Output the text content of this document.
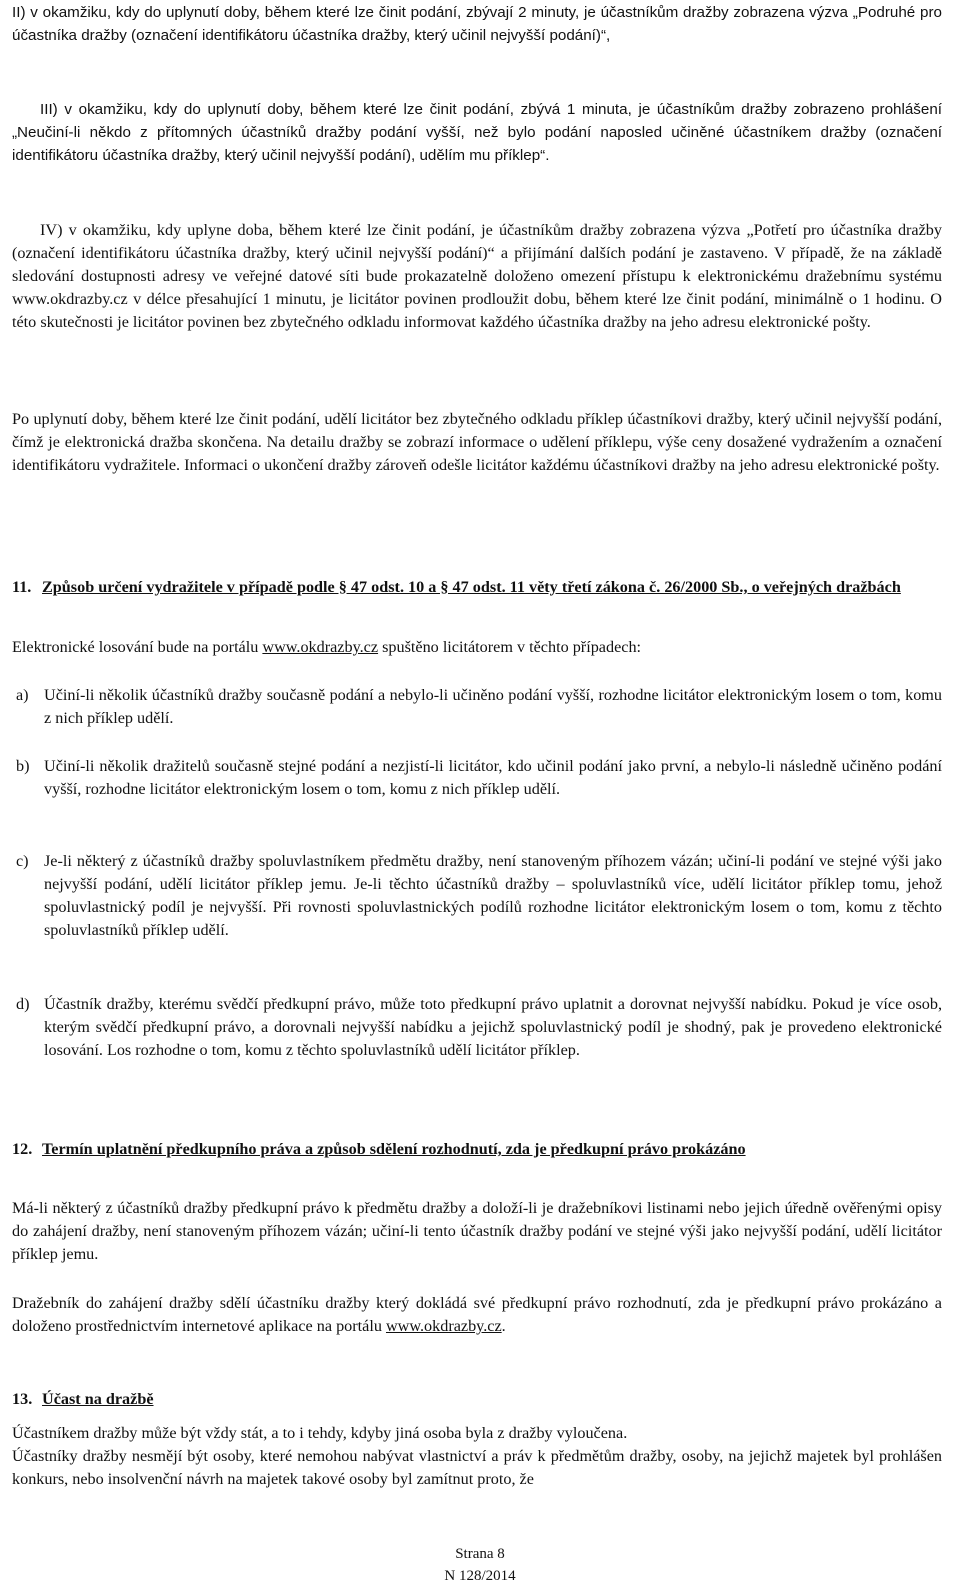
II) v okamžiku, kdy do uplynutí doby, během které lze činit podání, zbývají 2 minuty, je účastníkům dražby zobrazena výzva „Podruhé pro účastníka dražby (označení identifikátoru účastníka dražby, který učinil nejvyšší podání)“,

III) v okamžiku, kdy do uplynutí doby, během které lze činit podání, zbývá 1 minuta, je účastníkům dražby zobrazeno prohlášení „Neučiní-li někdo z přítomných účastníků dražby podání vyšší, než bylo podání naposled učiněné účastníkem dražby (označení identifikátoru účastníka dražby, který učinil nejvyšší podání), udělím mu příklep“.

IV) v okamžiku, kdy uplyne doba, během které lze činit podání, je účastníkům dražby zobrazena výzva „Potřetí pro účastníka dražby (označení identifikátoru účastníka dražby, který učinil nejvyšší podání)“ a přijímání dalších podání je zastaveno. V případě, že na základě sledování dostupnosti adresy ve veřejné datové síti bude prokazatelně doloženo omezení přístupu k elektronickému dražebnímu systému www.okdrazby.cz v délce přesahující 1 minutu, je licitátor povinen prodloužit dobu, během které lze činit podání, minimálně o 1 hodinu. O této skutečnosti je licitátor povinen bez zbytečného odkladu informovat každého účastníka dražby na jeho adresu elektronické pošty.

Po uplynutí doby, během které lze činit podání, udělí licitátor bez zbytečného odkladu příklep účastníkovi dražby, který učinil nejvyšší podání, čímž je elektronická dražba skončena. Na detailu dražby se zobrazí informace o udělení příklepu, výše ceny dosažené vydražením a označení identifikátoru vydražitele. Informaci o ukončení dražby zároveň odešle licitátor každému účastníkovi dražby na jeho adresu elektronické pošty.

11. Způsob určení vydražitele v případě podle § 47 odst. 10 a § 47 odst. 11 věty třetí zákona č. 26/2000 Sb., o veřejných dražbách

Elektronické losování bude na portálu www.okdrazby.cz spuštěno licitátorem v těchto případech:

a) Učiní-li několik účastníků dražby současně podání a nebylo-li učiněno podání vyšší, rozhodne licitátor elektronickým losem o tom, komu z nich příklep udělí.
b) Učiní-li několik dražitelů současně stejné podání a nezjistí-li licitátor, kdo učinil podání jako první, a nebylo-li následně učiněno podání vyšší, rozhodne licitátor elektronickým losem o tom, komu z nich příklep udělí.
c) Je-li některý z účastníků dražby spoluvlastníkem předmětu dražby, není stanoveným příhozem vázán; učiní-li podání ve stejné výši jako nejvyšší podání, udělí licitátor příklep jemu. Je-li těchto účastníků dražby – spoluvlastníků více, udělí licitátor příklep tomu, jehož spoluvlastnický podíl je nejvyšší. Při rovnosti spoluvlastnických podílů rozhodne licitátor elektronickým losem o tom, komu z těchto spoluvlastníků příklep udělí.
d) Účastník dražby, kterému svědčí předkupní právo, může toto předkupní právo uplatnit a dorovnat nejvyšší nabídku. Pokud je více osob, kterým svědčí předkupní právo, a dorovnali nejvyšší nabídku a jejichž spoluvlastnický podíl je shodný, pak je provedeno elektronické losování. Los rozhodne o tom, komu z těchto spoluvlastníků udělí licitátor příklep.
12. Termín uplatnění předkupního práva a způsob sdělení rozhodnutí, zda je předkupní právo prokázáno

Má-li některý z účastníků dražby předkupní právo k předmětu dražby a doloží-li je dražebníkovi listinami nebo jejich úředně ověřenými opisy do zahájení dražby, není stanoveným příhozem vázán; učiní-li tento účastník dražby podání ve stejné výši jako nejvyšší podání, udělí licitátor příklep jemu.

Dražebník do zahájení dražby sdělí účastníku dražby který dokládá své předkupní právo rozhodnutí, zda je předkupní právo prokázáno a doloženo prostřednictvím internetové aplikace na portálu www.okdrazby.cz.

13. Účast na dražbě

Účastníkem dražby může být vždy stát, a to i tehdy, kdyby jiná osoba byla z dražby vyloučena.

Účastníky dražby nesmějí být osoby, které nemohou nabývat vlastnictví a práv k předmětům dražby, osoby, na jejichž majetek byl prohlášen konkurs, nebo insolvenční návrh na majetek takové osoby byl zamítnut proto, že

Strana 8
N 128/2014
